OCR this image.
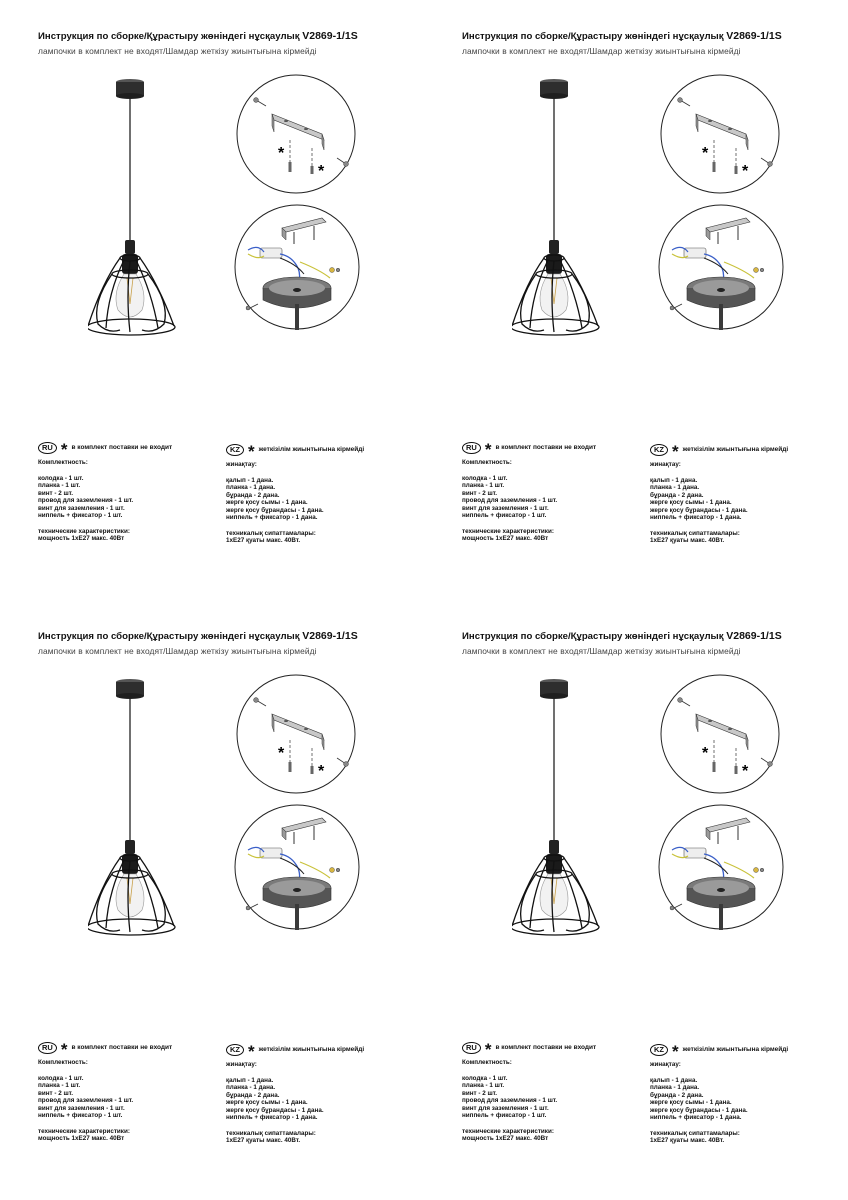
Инструкция по сборке/Құрастыру жөніндегі нұсқаулық V2869-1/1S
лампочки в комплект не входят/Шамдар жеткізу жиынтығына кірмейді
*
*
RU * в комплект поставки не входит
Комплектность:
колодка - 1 шт.
планка - 1 шт.
винт - 2 шт.
провод для заземления - 1 шт.
винт для заземления - 1 шт.
ниппель + фиксатор - 1 шт.
технические характеристики:
мощность 1хЕ27 макс. 40Вт
KZ * жеткізілім жиынтығына кірмейді
жинақтау:
қалып - 1 дана.
планка - 1 дана.
бұранда - 2 дана.
жерге қосу сымы - 1 дана.
жерге қосу бұрандасы - 1 дана.
ниппель + фиксатор - 1 дана.
техникалық сипаттамалары:
1хЕ27 қуаты макс. 40Вт.
Инструкция по сборке/Құрастыру жөніндегі нұсқаулық V2869-1/1S
лампочки в комплект не входят/Шамдар жеткізу жиынтығына кірмейді
*
*
RU * в комплект поставки не входит
Комплектность:
колодка - 1 шт.
планка - 1 шт.
винт - 2 шт.
провод для заземления - 1 шт.
винт для заземления - 1 шт.
ниппель + фиксатор - 1 шт.
технические характеристики:
мощность 1хЕ27 макс. 40Вт
KZ * жеткізілім жиынтығына кірмейді
жинақтау:
қалып - 1 дана.
планка - 1 дана.
бұранда - 2 дана.
жерге қосу сымы - 1 дана.
жерге қосу бұрандасы - 1 дана.
ниппель + фиксатор - 1 дана.
техникалық сипаттамалары:
1хЕ27 қуаты макс. 40Вт.
Инструкция по сборке/Құрастыру жөніндегі нұсқаулық V2869-1/1S
лампочки в комплект не входят/Шамдар жеткізу жиынтығына кірмейді
*
*
RU * в комплект поставки не входит
Комплектность:
колодка - 1 шт.
планка - 1 шт.
винт - 2 шт.
провод для заземления - 1 шт.
винт для заземления - 1 шт.
ниппель + фиксатор - 1 шт.
технические характеристики:
мощность 1хЕ27 макс. 40Вт
KZ * жеткізілім жиынтығына кірмейді
жинақтау:
қалып - 1 дана.
планка - 1 дана.
бұранда - 2 дана.
жерге қосу сымы - 1 дана.
жерге қосу бұрандасы - 1 дана.
ниппель + фиксатор - 1 дана.
техникалық сипаттамалары:
1хЕ27 қуаты макс. 40Вт.
Инструкция по сборке/Құрастыру жөніндегі нұсқаулық V2869-1/1S
лампочки в комплект не входят/Шамдар жеткізу жиынтығына кірмейді
*
*
RU * в комплект поставки не входит
Комплектность:
колодка - 1 шт.
планка - 1 шт.
винт - 2 шт.
провод для заземления - 1 шт.
винт для заземления - 1 шт.
ниппель + фиксатор - 1 шт.
технические характеристики:
мощность 1хЕ27 макс. 40Вт
KZ * жеткізілім жиынтығына кірмейді
жинақтау:
қалып - 1 дана.
планка - 1 дана.
бұранда - 2 дана.
жерге қосу сымы - 1 дана.
жерге қосу бұрандасы - 1 дана.
ниппель + фиксатор - 1 дана.
техникалық сипаттамалары:
1хЕ27 қуаты макс. 40Вт.
